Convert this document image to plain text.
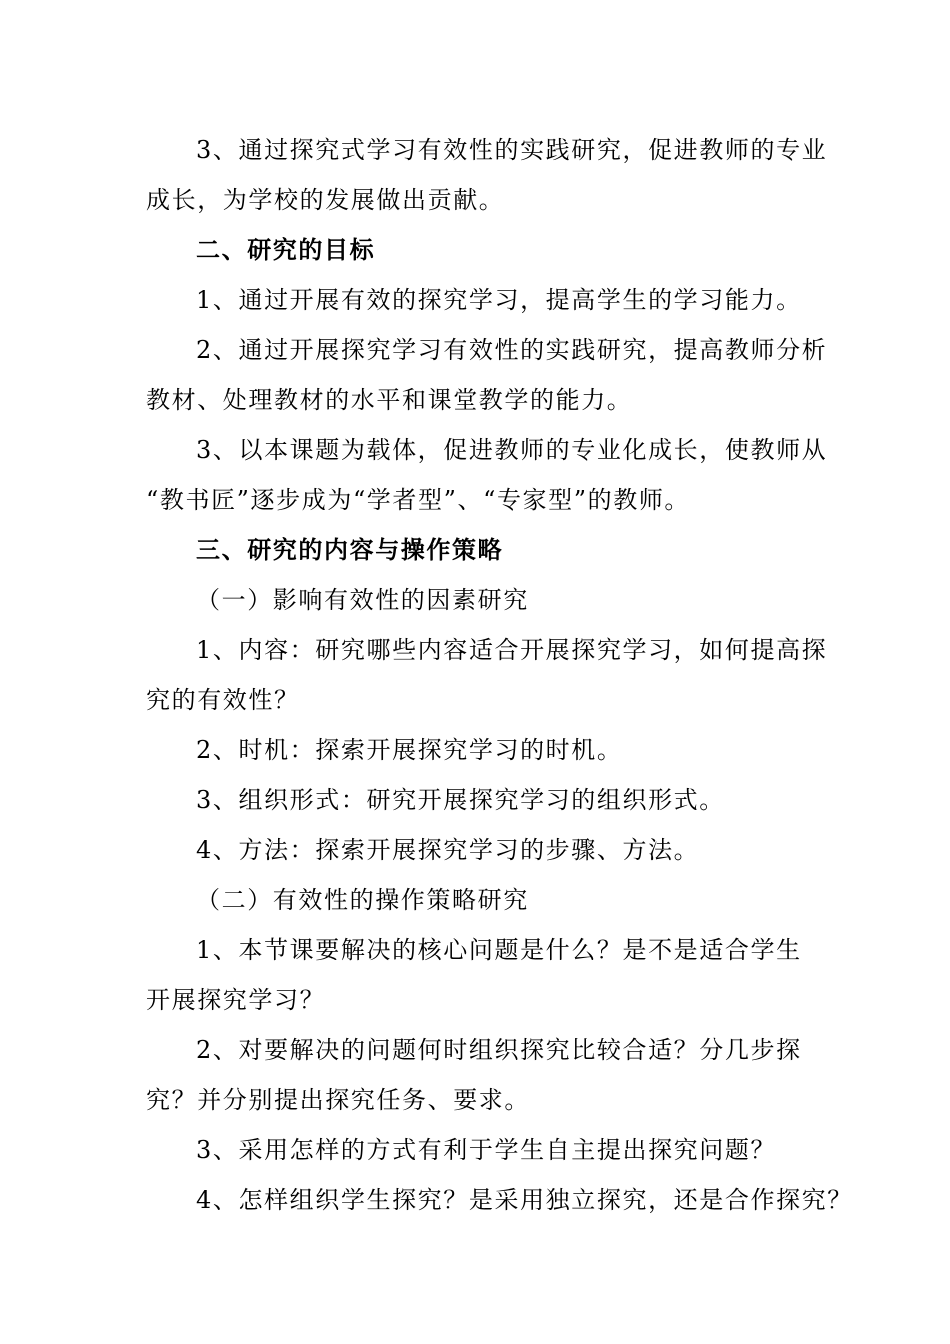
3、通过探究式学习有效性的实践研究，促进教师的专业
成长，为学校的发展做出贡献。
二、研究的目标
1、通过开展有效的探究学习，提高学生的学习能力。
2、通过开展探究学习有效性的实践研究，提高教师分析
教材、处理教材的水平和课堂教学的能力。
3、以本课题为载体，促进教师的专业化成长，使教师从
“教书匠”逐步成为“学者型”、“专家型”的教师。
三、研究的内容与操作策略
（一）影响有效性的因素研究
1、内容：研究哪些内容适合开展探究学习，如何提高探
究的有效性？
2、时机：探索开展探究学习的时机。
3、组织形式：研究开展探究学习的组织形式。
4、方法：探索开展探究学习的步骤、方法。
（二）有效性的操作策略研究
1、本节课要解决的核心问题是什么？是不是适合学生
开展探究学习？
2、对要解决的问题何时组织探究比较合适？分几步探
究？并分别提出探究任务、要求。
3、采用怎样的方式有利于学生自主提出探究问题？
4、怎样组织学生探究？是采用独立探究，还是合作探究？
